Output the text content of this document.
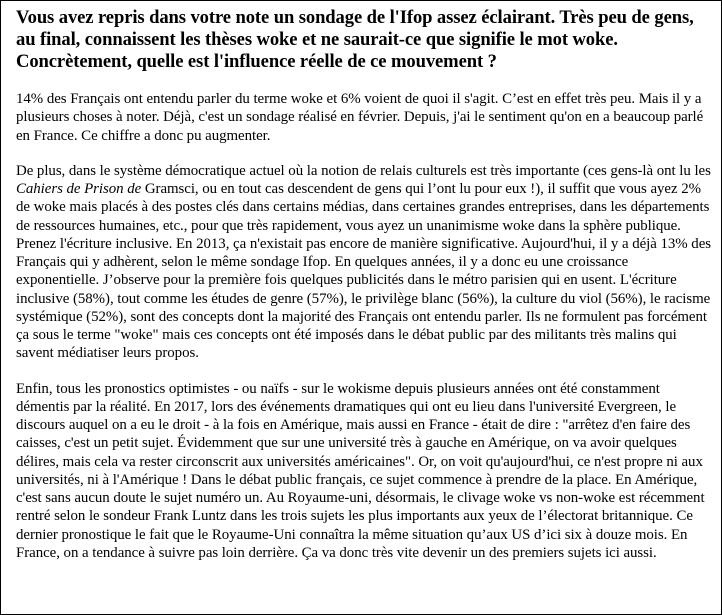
Vous avez repris dans votre note un sondage de l'Ifop assez éclairant. Très peu de gens, au final, connaissent les thèses woke et ne saurait-ce que signifie le mot woke. Concrètement, quelle est l'influence réelle de ce mouvement ?

14% des Français ont entendu parler du terme woke et 6% voient de quoi il s'agit. C’est en effet très peu. Mais il y a plusieurs choses à noter. Déjà, c'est un sondage réalisé en février. Depuis, j'ai le sentiment qu'on en a beaucoup parlé en France. Ce chiffre a donc pu augmenter.

De plus, dans le système démocratique actuel où la notion de relais culturels est très importante (ces gens-là ont lu les Cahiers de Prison de Gramsci, ou en tout cas descendent de gens qui l’ont lu pour eux !), il suffit que vous ayez 2% de woke mais placés à des postes clés dans certains médias, dans certaines grandes entreprises, dans les départements de ressources humaines, etc., pour que très rapidement, vous ayez un unanimisme woke dans la sphère publique. Prenez l'écriture inclusive. En 2013, ça n'existait pas encore de manière significative. Aujourd'hui, il y a déjà 13% des Français qui y adhèrent, selon le même sondage Ifop. En quelques années, il y a donc eu une croissance exponentielle. J’observe pour la première fois quelques publicités dans le métro parisien qui en usent. L'écriture inclusive (58%), tout comme les études de genre (57%), le privilège blanc (56%), la culture du viol (56%), le racisme systémique (52%), sont des concepts dont la majorité des Français ont entendu parler. Ils ne formulent pas forcément ça sous le terme "woke" mais ces concepts ont été imposés dans le débat public par des militants très malins qui savent médiatiser leurs propos.

Enfin, tous les pronostics optimistes - ou naïfs - sur le wokisme depuis plusieurs années ont été constamment démentis par la réalité. En 2017, lors des événements dramatiques qui ont eu lieu dans l'université Evergreen, le discours auquel on a eu le droit - à la fois en Amérique, mais aussi en France - était de dire : "arrêtez d'en faire des caisses, c'est un petit sujet. Évidemment que sur une université très à gauche en Amérique, on va avoir quelques délires, mais cela va rester circonscrit aux universités américaines". Or, on voit qu'aujourd'hui, ce n'est propre ni aux universités, ni à l'Amérique ! Dans le débat public français, ce sujet commence à prendre de la place. En Amérique, c'est sans aucun doute le sujet numéro un. Au Royaume-uni, désormais, le clivage woke vs non-woke est récemment rentré selon le sondeur Frank Luntz dans les trois sujets les plus importants aux yeux de l’électorat britannique. Ce dernier pronostique le fait que le Royaume-Uni connaîtra la même situation qu’aux US d’ici six à douze mois. En France, on a tendance à suivre pas loin derrière. Ça va donc très vite devenir un des premiers sujets ici aussi.
